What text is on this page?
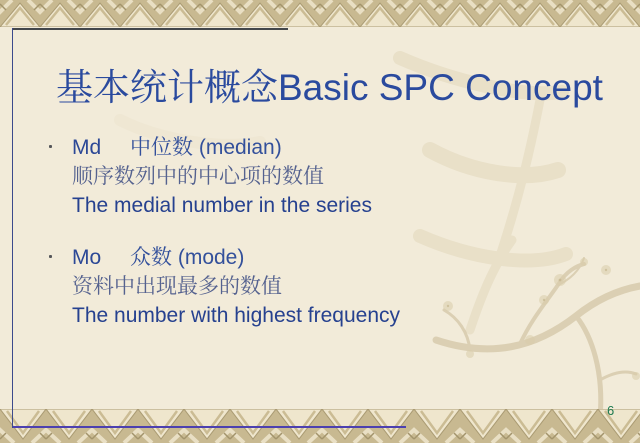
基本统计概念Basic SPC Concept
Md 中位数 (median)
顺序数列中的中心项的数值
The medial number in the series
Mo 众数 (mode)
资料中出现最多的数值
The number with highest frequency
6
